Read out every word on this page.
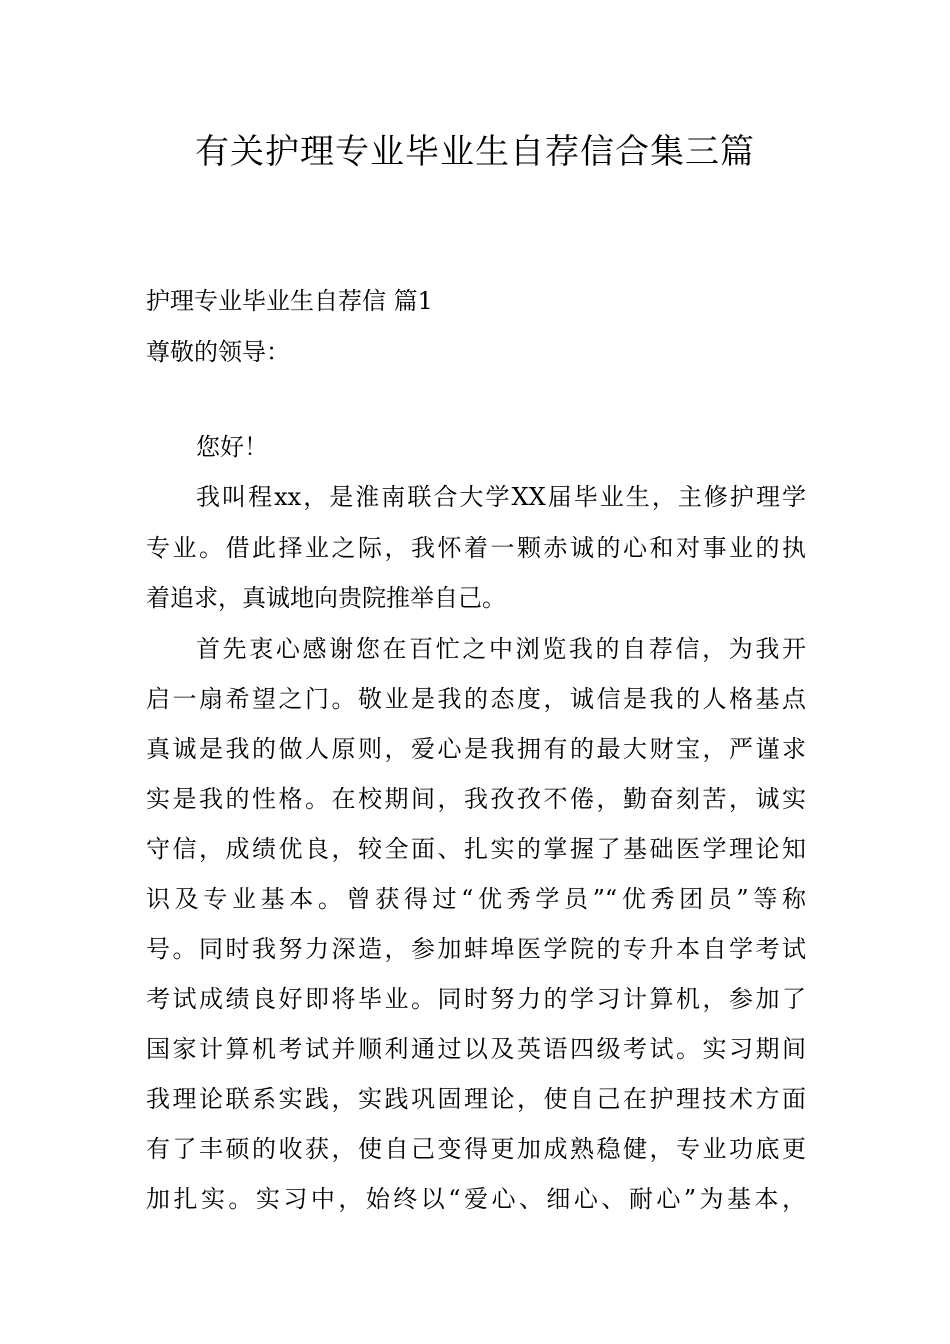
有关护理专业毕业生自荐信合集三篇
护理专业毕业生自荐信 篇1
尊敬的领导：
您好！
我叫程xx，是淮南联合大学XX届毕业生，主修护理学
专业。借此择业之际，我怀着一颗赤诚的心和对事业的执
着追求，真诚地向贵院推举自己。
首先衷心感谢您在百忙之中浏览我的自荐信，为我开
启一扇希望之门。敬业是我的态度，诚信是我的人格基点
真诚是我的做人原则，爱心是我拥有的最大财宝，严谨求
实是我的性格。在校期间，我孜孜不倦，勤奋刻苦，诚实
守信，成绩优良，较全面、扎实的掌握了基础医学理论知
识及专业基本。曾获得过“优秀学员”“优秀团员”等称
号。同时我努力深造，参加蚌埠医学院的专升本自学考试
考试成绩良好即将毕业。同时努力的学习计算机，参加了
国家计算机考试并顺利通过以及英语四级考试。实习期间
我理论联系实践，实践巩固理论，使自己在护理技术方面
有了丰硕的收获，使自己变得更加成熟稳健，专业功底更
加扎实。实习中，始终以“爱心、细心、耐心”为基本，
